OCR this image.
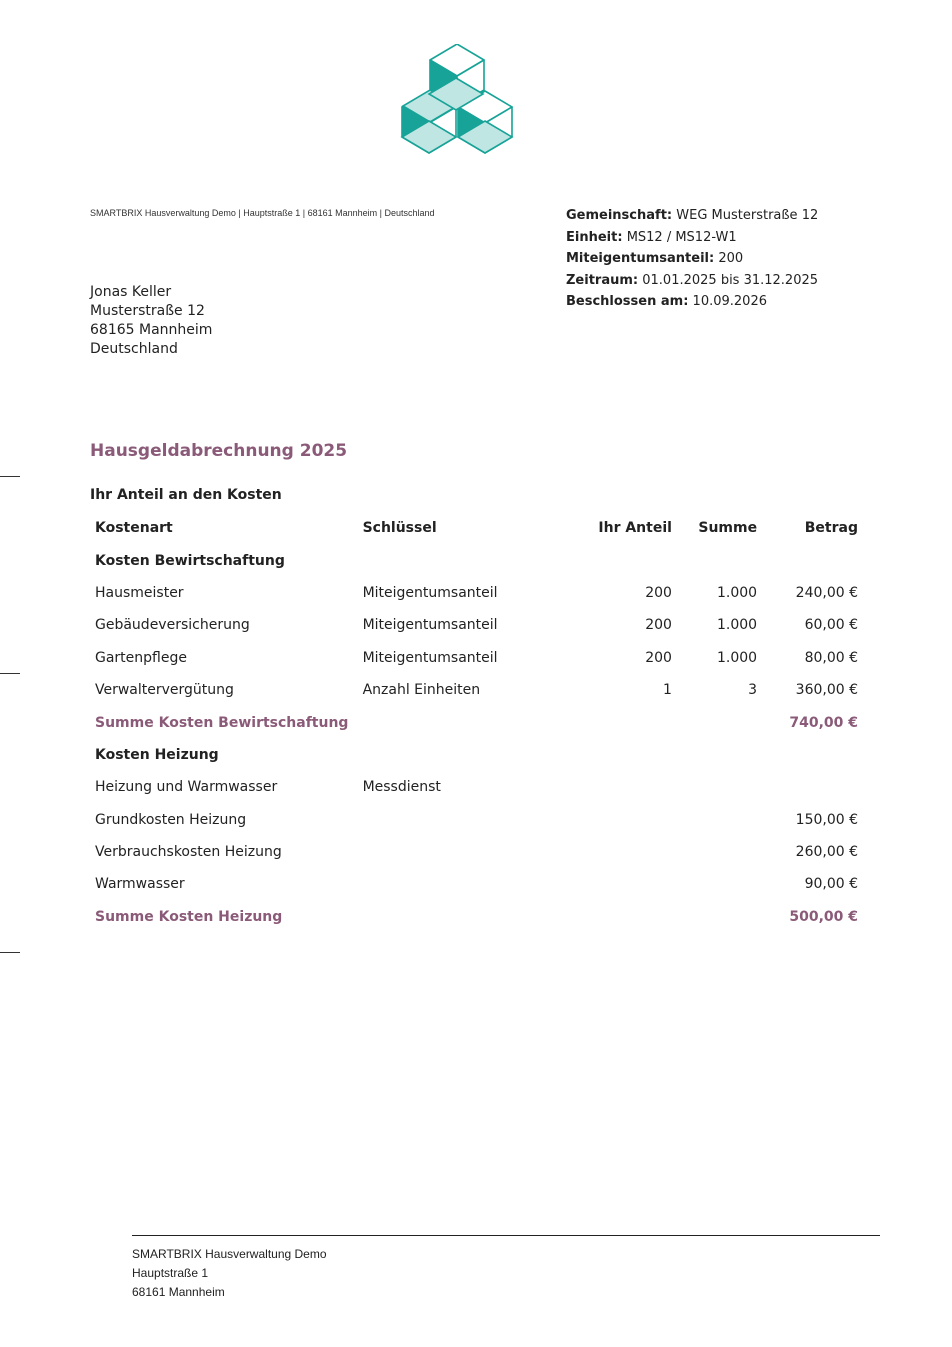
SMARTBRIX Hausverwaltung Demo | Hauptstraße 1 | 68161 Mannheim | Deutschland
Jonas Keller
Musterstraße 12
68165 Mannheim
Deutschland
Gemeinschaft: WEG Musterstraße 12
Einheit: MS12 / MS12-W1
Miteigentumsanteil: 200
Zeitraum: 01.01.2025 bis 31.12.2025
Beschlossen am: 10.09.2026
Hausgeldabrechnung 2025
Ihr Anteil an den Kosten
Kostenart	Schlüssel	Ihr Anteil	Summe	Betrag
Kosten Bewirtschaftung				
Hausmeister	Miteigentumsanteil	200	1.000	240,00 €
Gebäudeversicherung	Miteigentumsanteil	200	1.000	60,00 €
Gartenpflege	Miteigentumsanteil	200	1.000	80,00 €
Verwaltervergütung	Anzahl Einheiten	1	3	360,00 €
Summe Kosten Bewirtschaftung				740,00 €
Kosten Heizung				
Heizung und Warmwasser	Messdienst			
Grundkosten Heizung				150,00 €
Verbrauchskosten Heizung				260,00 €
Warmwasser				90,00 €
Summe Kosten Heizung				500,00 €
SMARTBRIX Hausverwaltung Demo
Hauptstraße 1
68161 Mannheim
